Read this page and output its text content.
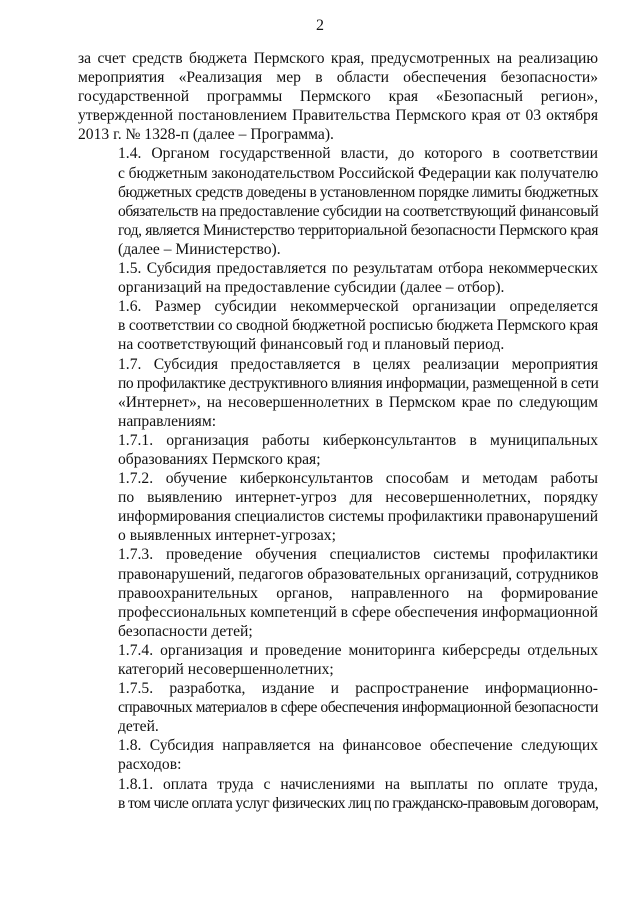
2
за счет средств бюджета Пермского края, предусмотренных на реализацию
мероприятия «Реализация мер в области обеспечения безопасности»
государственной программы Пермского края «Безопасный регион»,
утвержденной постановлением Правительства Пермского края от 03 октября
2013 г. № 1328-п (далее – Программа).
1.4. Органом государственной власти, до которого в соответствии
с бюджетным законодательством Российской Федерации как получателю
бюджетных средств доведены в установленном порядке лимиты бюджетных
обязательств на предоставление субсидии на соответствующий финансовый
год, является Министерство территориальной безопасности Пермского края
(далее – Министерство).
1.5. Субсидия предоставляется по результатам отбора некоммерческих
организаций на предоставление субсидии (далее – отбор).
1.6. Размер субсидии некоммерческой организации определяется
в соответствии со сводной бюджетной росписью бюджета Пермского края
на соответствующий финансовый год и плановый период.
1.7. Субсидия предоставляется в целях реализации мероприятия
по профилактике деструктивного влияния информации, размещенной в сети
«Интернет», на несовершеннолетних в Пермском крае по следующим
направлениям:
1.7.1. организация работы киберконсультантов в муниципальных
образованиях Пермского края;
1.7.2. обучение киберконсультантов способам и методам работы
по выявлению интернет-угроз для несовершеннолетних, порядку
информирования специалистов системы профилактики правонарушений
о выявленных интернет-угрозах;
1.7.3. проведение обучения специалистов системы профилактики
правонарушений, педагогов образовательных организаций, сотрудников
правоохранительных органов, направленного на формирование
профессиональных компетенций в сфере обеспечения информационной
безопасности детей;
1.7.4. организация и проведение мониторинга киберсреды отдельных
категорий несовершеннолетних;
1.7.5. разработка, издание и распространение информационно-
справочных материалов в сфере обеспечения информационной безопасности
детей.
1.8. Субсидия направляется на финансовое обеспечение следующих
расходов:
1.8.1. оплата труда с начислениями на выплаты по оплате труда,
в том числе оплата услуг физических лиц по гражданско-правовым договорам,
